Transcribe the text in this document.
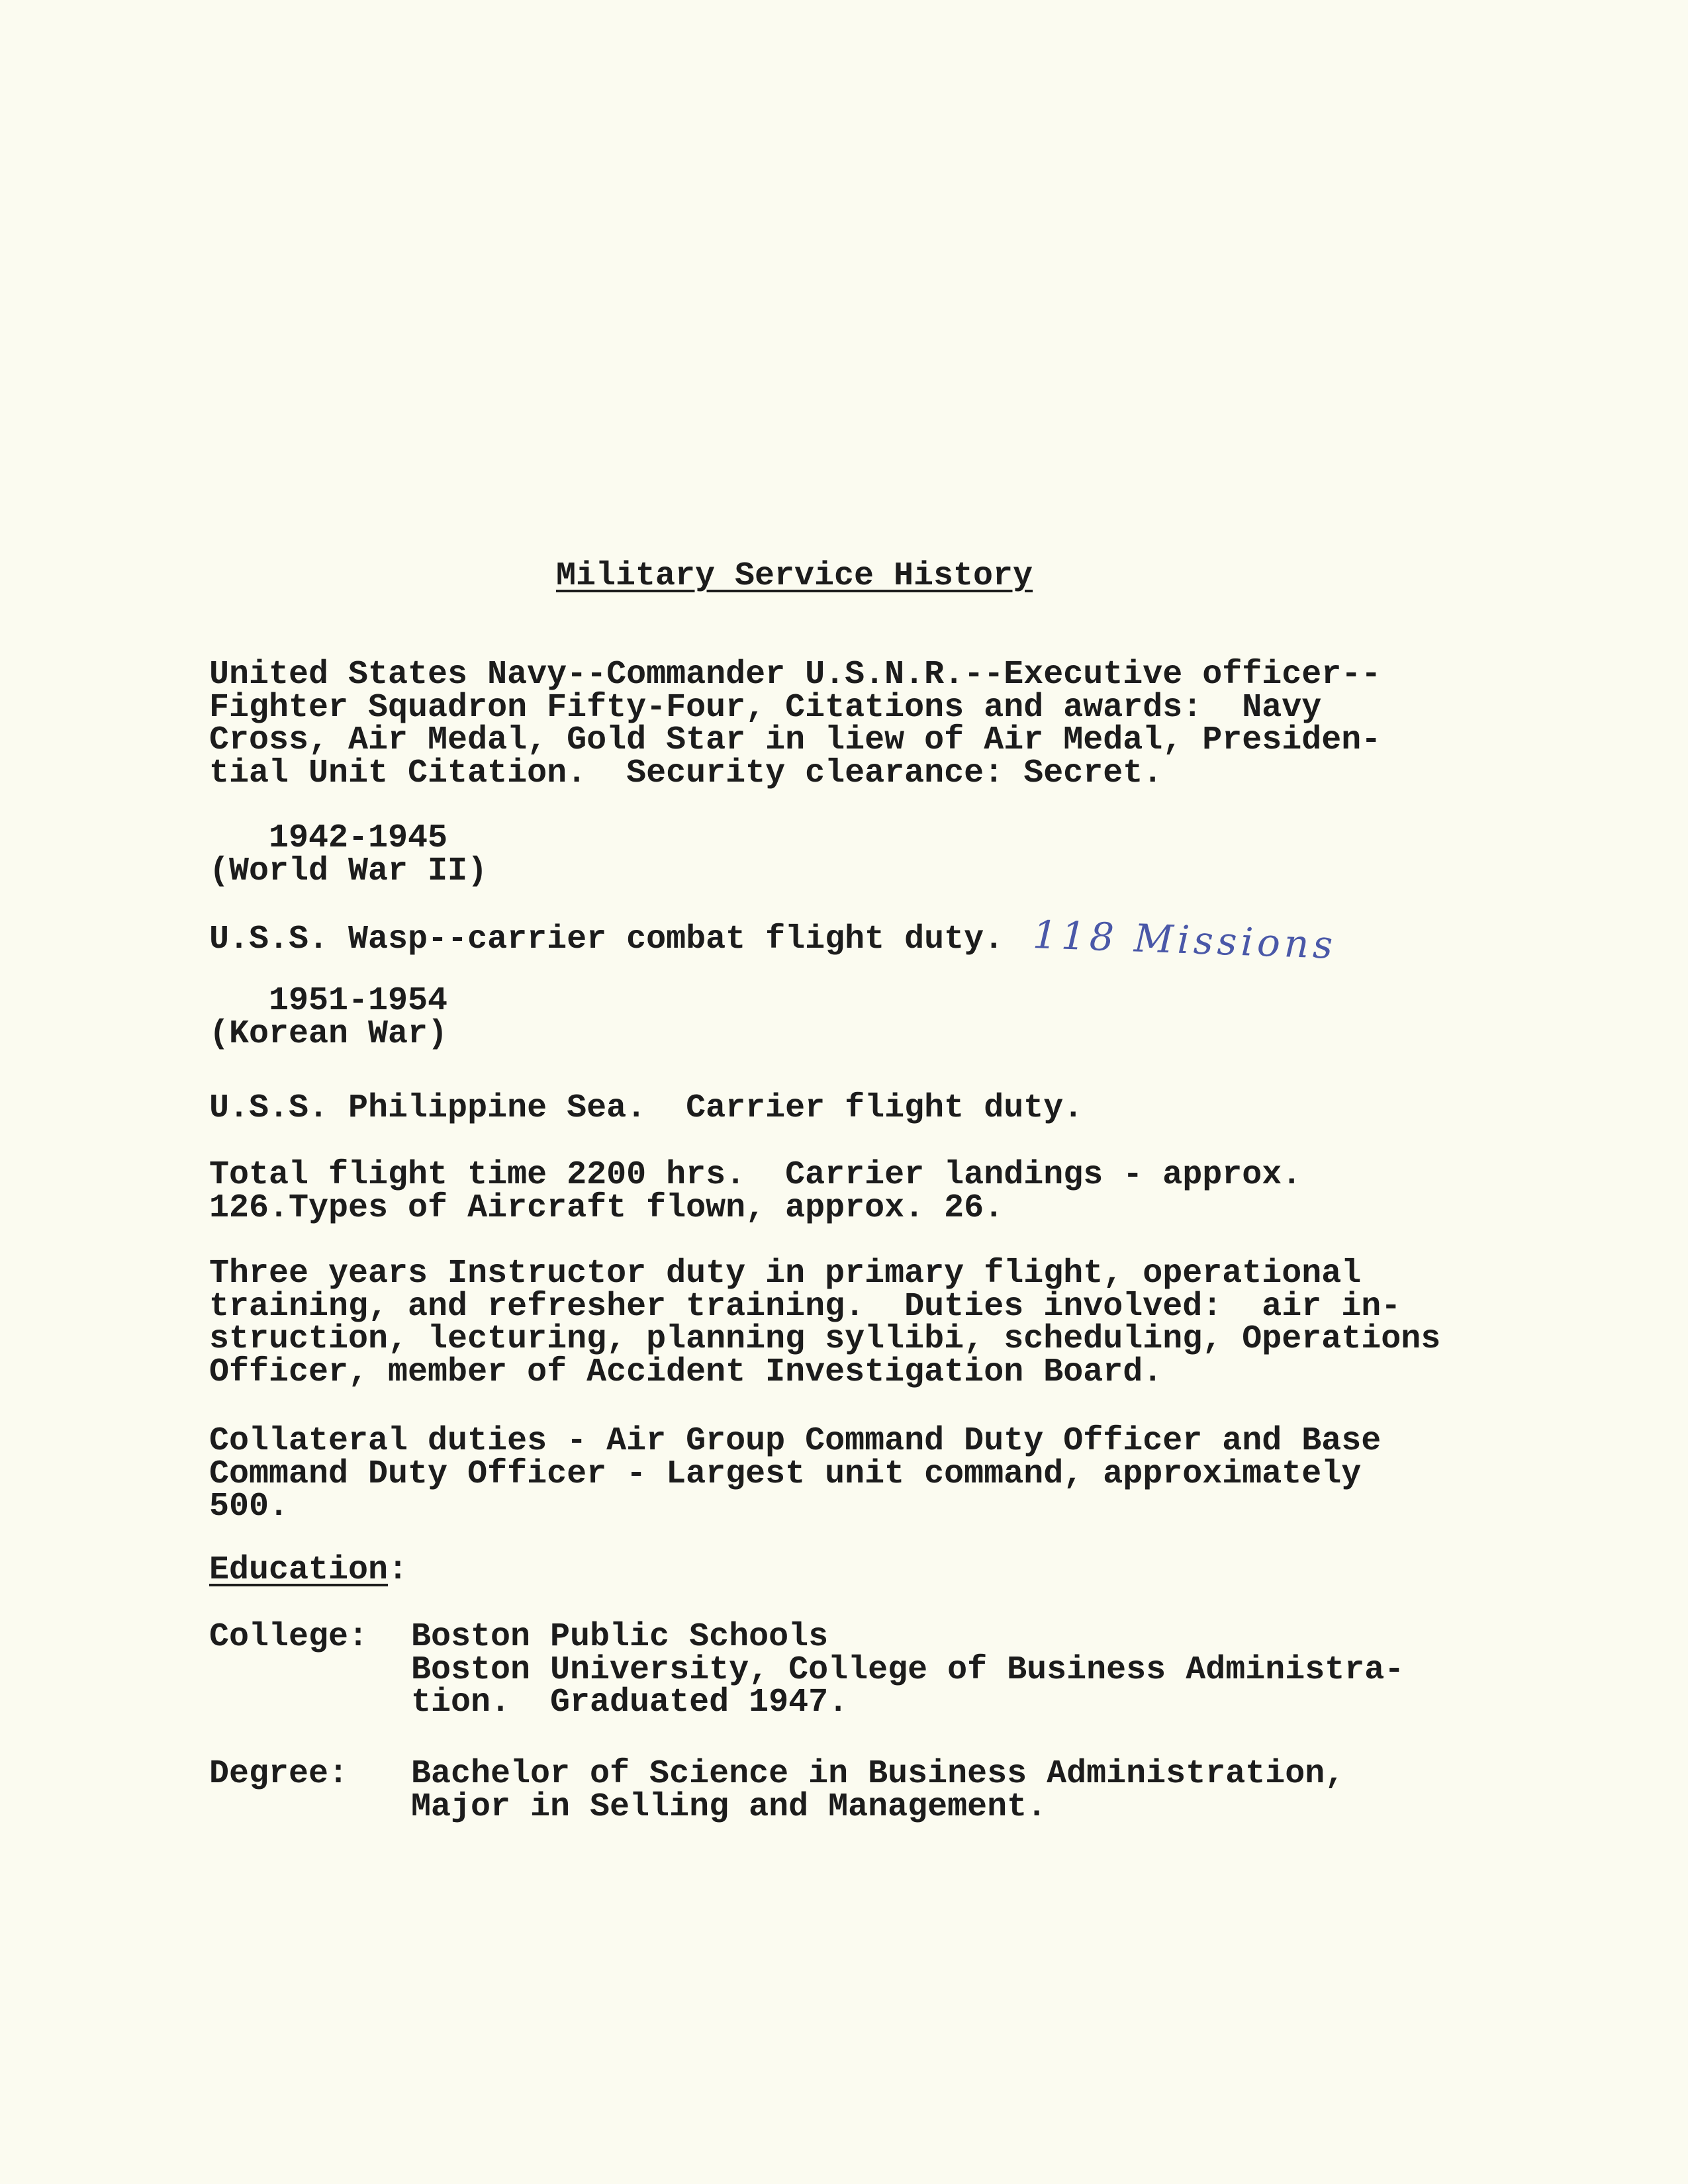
Military Service History
United States Navy--Commander U.S.N.R.--Executive officer--
Fighter Squadron Fifty-Four, Citations and awards:  Navy
Cross, Air Medal, Gold Star in liew of Air Medal, Presiden-
tial Unit Citation.  Security clearance: Secret.
1942-1945
(World War II)
U.S.S. Wasp--carrier combat flight duty. 118 Missions
1951-1954
(Korean War)
U.S.S. Philippine Sea.  Carrier flight duty.
Total flight time 2200 hrs.  Carrier landings - approx.
126.Types of Aircraft flown, approx. 26.
Three years Instructor duty in primary flight, operational
training, and refresher training.  Duties involved:  air in-
struction, lecturing, planning syllibi, scheduling, Operations
Officer, member of Accident Investigation Board.
Collateral duties - Air Group Command Duty Officer and Base
Command Duty Officer - Largest unit command, approximately
500.
Education:
College: Boston Public Schools
Boston University, College of Business Administra-
tion.  Graduated 1947.
Degree: Bachelor of Science in Business Administration,
Major in Selling and Management.
